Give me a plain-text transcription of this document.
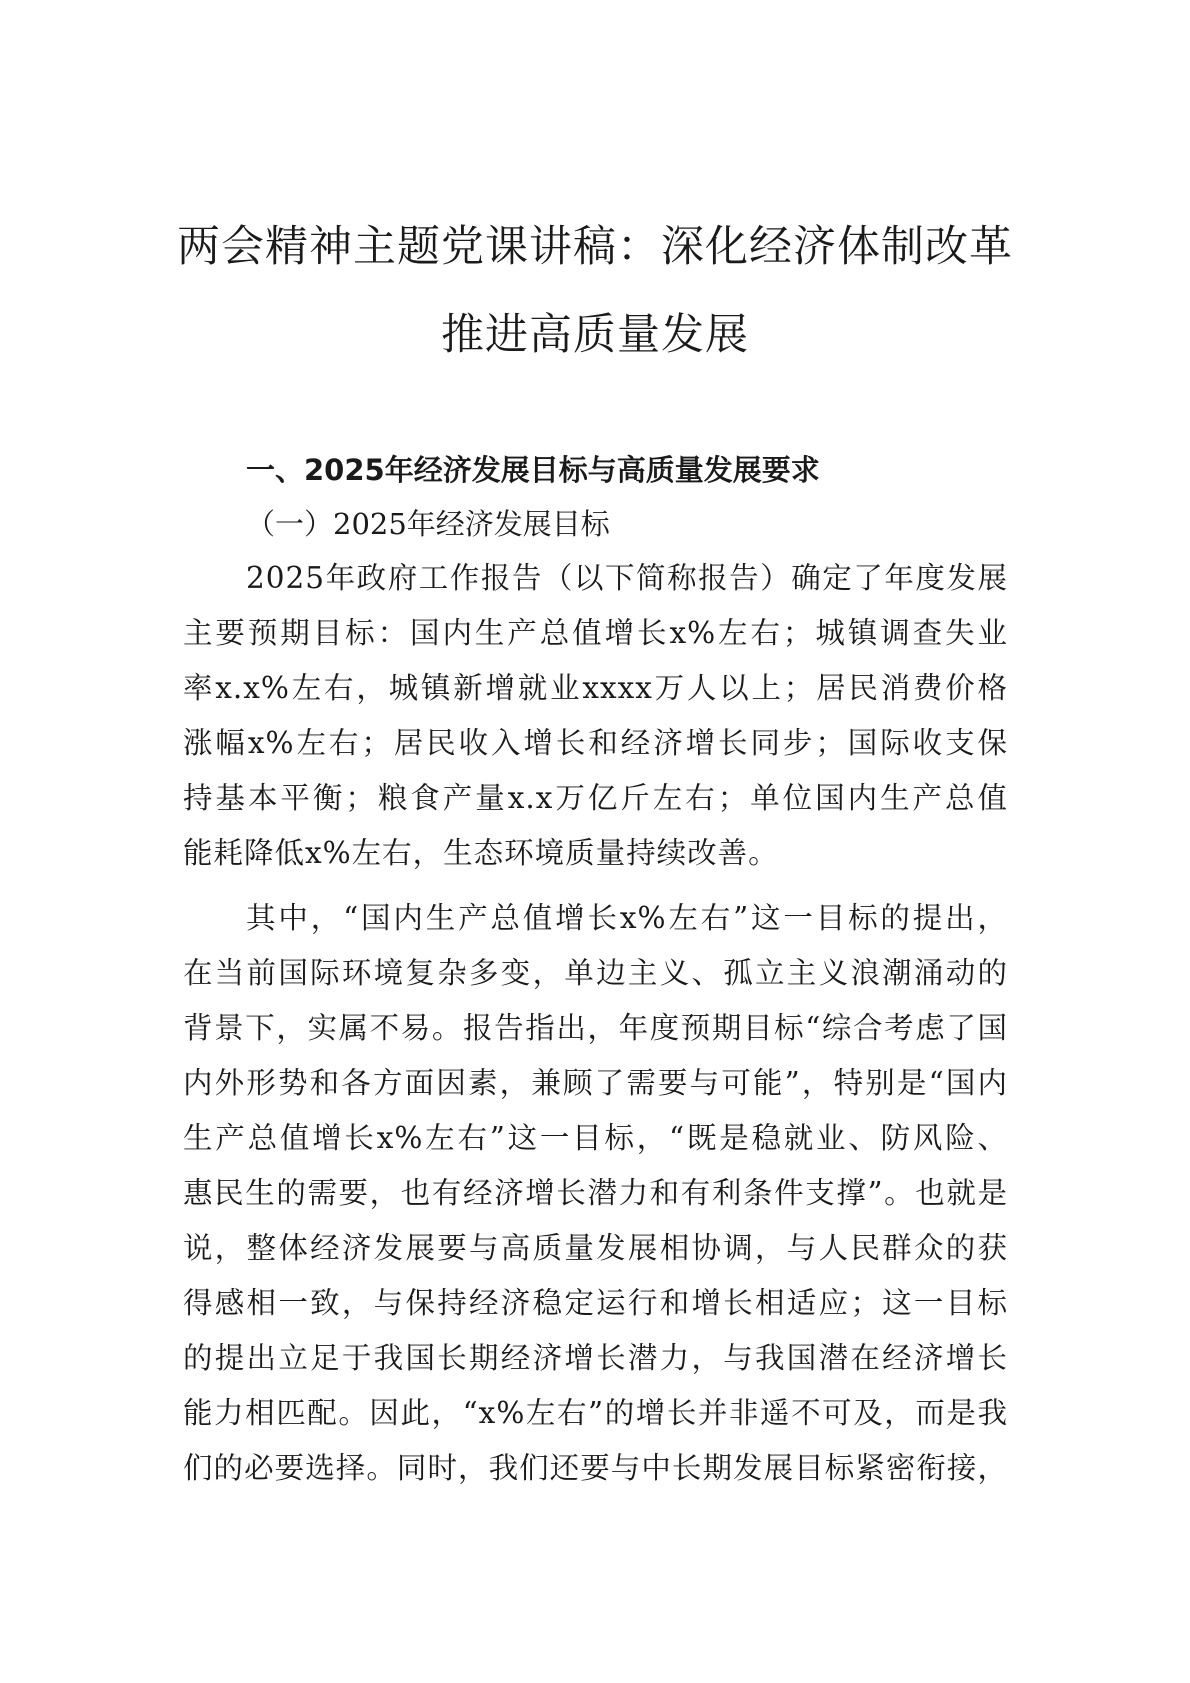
两会精神主题党课讲稿：深化经济体制改革
推进高质量发展
一、2025年经济发展目标与高质量发展要求
（一）2025年经济发展目标
2025年政府工作报告（以下简称报告）确定了年度发展
主要预期目标：国内生产总值增长x%左右；城镇调查失业
率x.x%左右，城镇新增就业xxxx万人以上；居民消费价格
涨幅x%左右；居民收入增长和经济增长同步；国际收支保
持基本平衡；粮食产量x.x万亿斤左右；单位国内生产总值
能耗降低x%左右，生态环境质量持续改善。
其中，“国内生产总值增长x%左右”这一目标的提出，
在当前国际环境复杂多变，单边主义、孤立主义浪潮涌动的
背景下，实属不易。报告指出，年度预期目标“综合考虑了国
内外形势和各方面因素，兼顾了需要与可能”，特别是“国内
生产总值增长x%左右”这一目标，“既是稳就业、防风险、
惠民生的需要，也有经济增长潜力和有利条件支撑”。也就是
说，整体经济发展要与高质量发展相协调，与人民群众的获
得感相一致，与保持经济稳定运行和增长相适应；这一目标
的提出立足于我国长期经济增长潜力，与我国潜在经济增长
能力相匹配。因此，“x%左右”的增长并非遥不可及，而是我
们的必要选择。同时，我们还要与中长期发展目标紧密衔接，
